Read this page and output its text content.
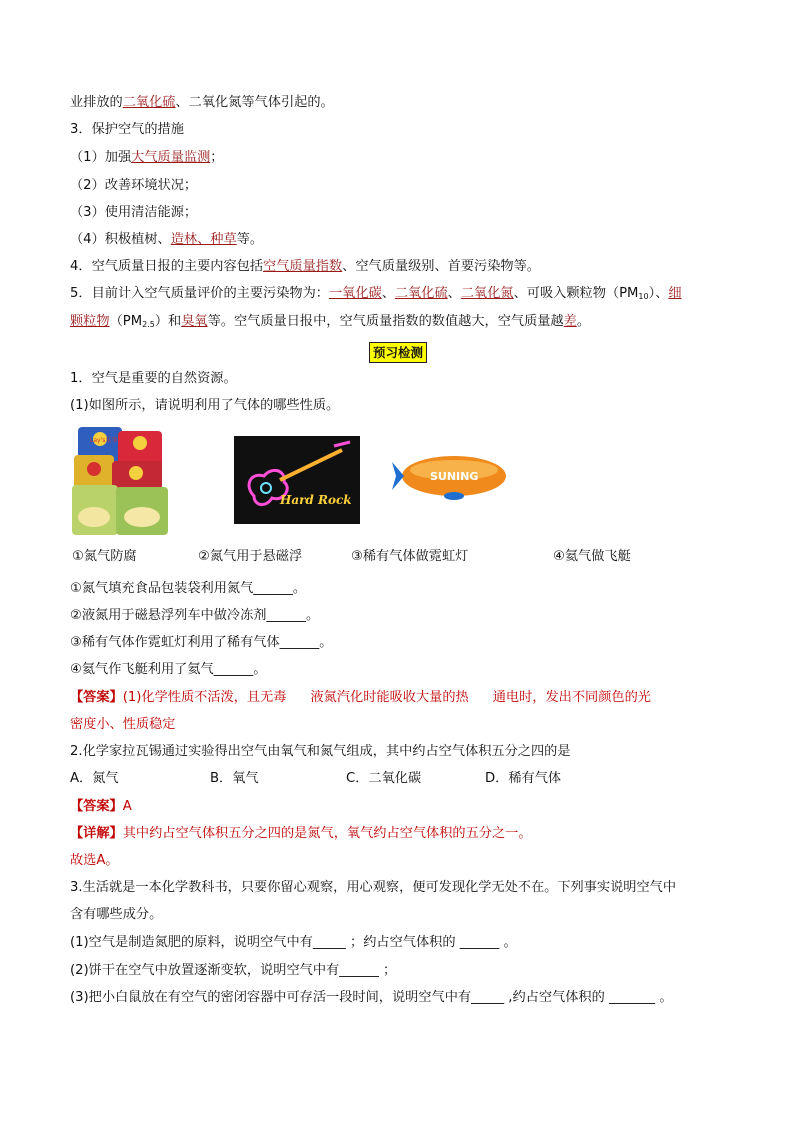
业排放的二氧化硫、二氧化氮等气体引起的。
3．保护空气的措施
（1）加强大气质量监测；
（2）改善环境状况；
（3）使用清洁能源；
（4）积极植树、造林、种草等。
4．空气质量日报的主要内容包括空气质量指数、空气质量级别、首要污染物等。
5．目前计入空气质量评价的主要污染物为：一氧化碳、二氧化硫、二氧化氮、可吸入颗粒物$(PM_{10})$、细
颗粒物$(PM_{2.5})$和臭氧等。空气质量日报中，空气质量指数的数值越大，空气质量越差。
预习检测
1．空气是重要的自然资源。
(1)如图所示，请说明利用了气体的哪些性质。
Lay's乐事
Hard Rock
SUNING
①氮气防腐	②氮气用于悬磁浮	③稀有气体做霓虹灯	④氦气做飞艇
①氮气填充食品包装袋利用氮气______。
②液氮用于磁悬浮列车中做冷冻剂______。
③稀有气体作霓虹灯利用了稀有气体______。
④氦气作飞艇利用了氦气______。
【答案】(1)化学性质不活泼，且无毒 液氮汽化时能吸收大量的热 通电时，发出不同颜色的光
密度小、性质稳定
2.化学家拉瓦锡通过实验得出空气由氧气和氮气组成，其中约占空气体积五分之四的是
A．氮气	B．氧气	C．二氧化碳	D．稀有气体
【答案】A
【详解】其中约占空气体积五分之四的是氮气，氧气约占空气体积的五分之一。
故选A。
3.生活就是一本化学教科书，只要你留心观察，用心观察，便可发现化学无处不在。下列事实说明空气中
含有哪些成分。
(1)空气是制造氮肥的原料，说明空气中有_____ ；约占空气体积的 ______ 。
(2)饼干在空气中放置逐渐变软，说明空气中有______ ；
(3)把小白鼠放在有空气的密闭容器中可存活一段时间，说明空气中有_____ ,约占空气体积的 _______ 。
